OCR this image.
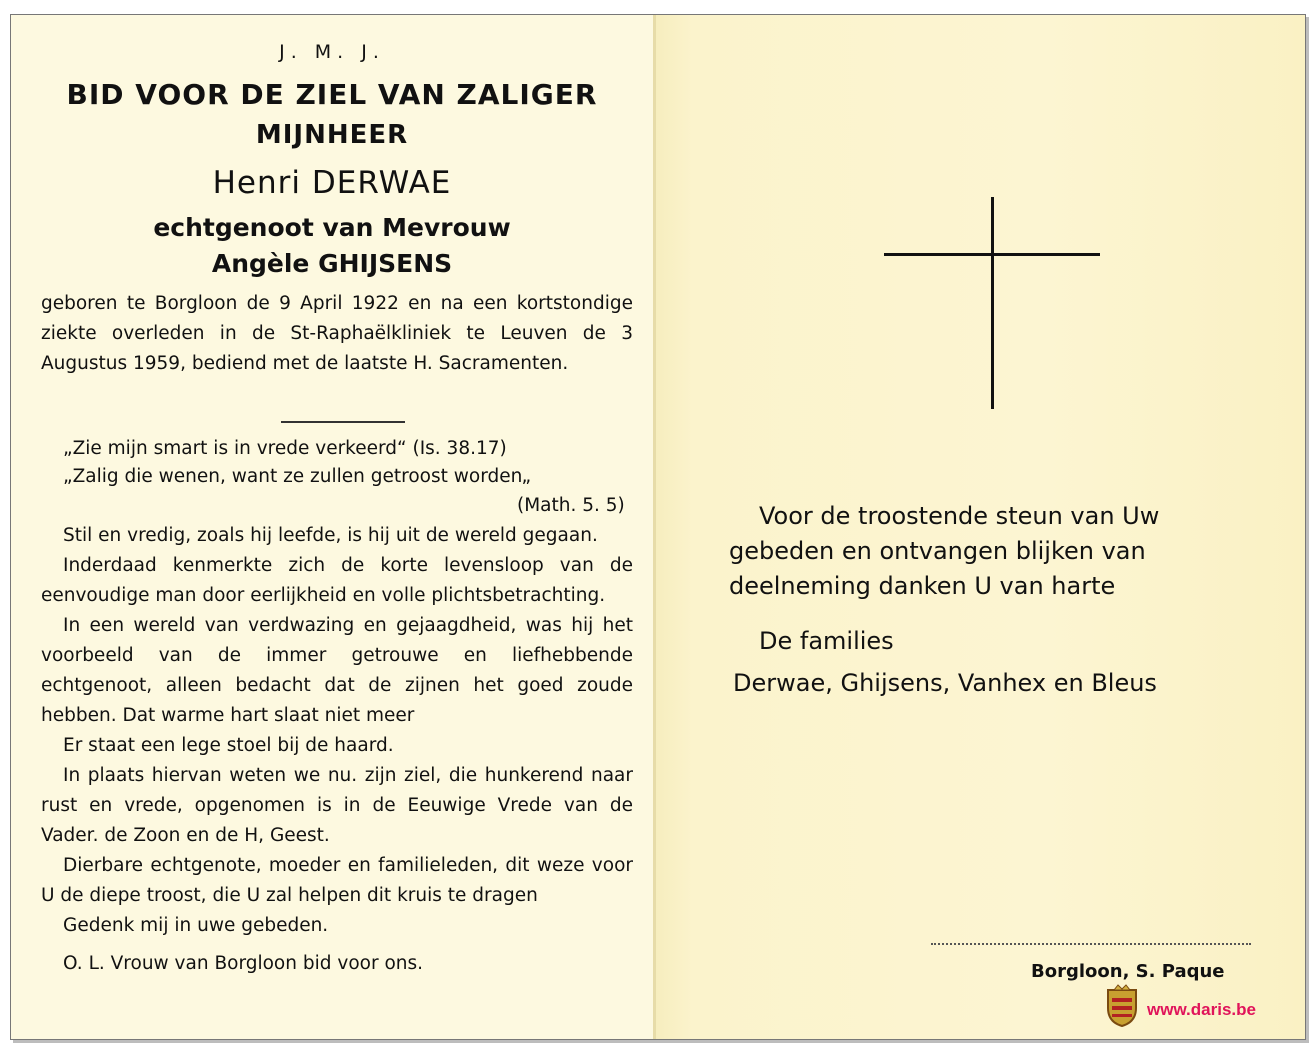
J. M. J.
BID VOOR DE ZIEL VAN ZALIGER
MIJNHEER
Henri DERWAE
echtgenoot van Mevrouw
Angèle GHIJSENS
geboren te Borgloon de 9 April 1922 en na een kortstondige ziekte overleden in de St-Raphaëlkliniek te Leuven de 3 Augustus 1959, bediend met de laatste H. Sacramenten.
„Zie mijn smart is in vrede verkeerd“ (Is. 38.17)
„Zalig die wenen, want ze zullen getroost worden„
(Math. 5. 5)

Stil en vredig, zoals hij leefde, is hij uit de wereld gegaan.

Inderdaad kenmerkte zich de korte levensloop van de eenvoudige man door eerlijkheid en volle plichtsbetrachting.

In een wereld van verdwazing en gejaagdheid, was hij het voorbeeld van de immer getrouwe en liefhebbende echtgenoot, alleen bedacht dat de zijnen het goed zoude hebben. Dat warme hart slaat niet meer

Er staat een lege stoel bij de haard.

In plaats hiervan weten we nu. zijn ziel, die hunkerend naar rust en vrede, opgenomen is in de Eeuwige Vrede van de Vader. de Zoon en de H, Geest.

Dierbare echtgenote, moeder en familieleden, dit weze voor U de diepe troost, die U zal helpen dit kruis te dragen

Gedenk mij in uwe gebeden.

O. L. Vrouw van Borgloon bid voor ons.

Voor de troostende steun van Uw gebeden en ontvangen blijken van deelneming danken U van harte

De families
Derwae, Ghijsens, Vanhex en Bleus
Borgloon, S. Paque
www.daris.be
